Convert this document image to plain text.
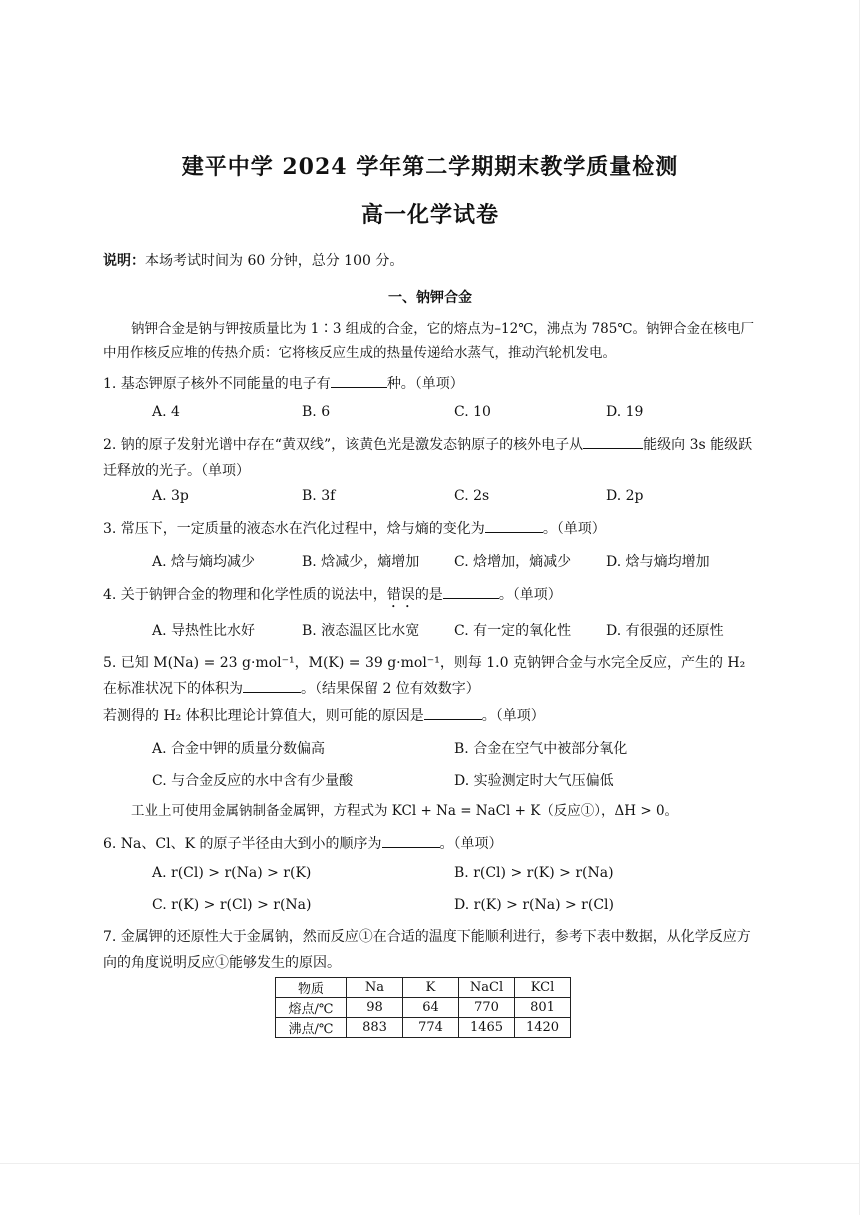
建平中学 2024 学年第二学期期末教学质量检测
高一化学试卷
说明：本场考试时间为 60 分钟，总分 100 分。
一、钠钾合金
钠钾合金是钠与钾按质量比为 1∶3 组成的合金，它的熔点为–12℃，沸点为 785℃。钠钾合金在核电厂中用作核反应堆的传热介质：它将核反应生成的热量传递给水蒸气，推动汽轮机发电。
1. 基态钾原子核外不同能量的电子有	种。（单项）
A. 4	B. 6	C. 10	D. 19
2. 钠的原子发射光谱中存在“黄双线”，该黄色光是激发态钠原子的核外电子从	能级向 3s 能级跃迁释放的光子。（单项）
A. 3p	B. 3f	C. 2s	D. 2p
3. 常压下，一定质量的液态水在汽化过程中，焓与熵的变化为	。（单项）
A. 焓与熵均减少	B. 焓减少，熵增加 C. 焓增加，熵减少 D. 焓与熵均增加
4. 关于钠钾合金的物理和化学性质的说法中，错误的是	。（单项）
A. 导热性比水好	B. 液态温区比水宽 C. 有一定的氧化性 D. 有很强的还原性
5. 已知 M(Na) = 23 g·mol⁻¹，M(K) = 39 g·mol⁻¹，则每 1.0 克钠钾合金与水完全反应，产生的 H₂ 在标准状况下的体积为	。（结果保留 2 位有效数字）
若测得的 H₂ 体积比理论计算值大，则可能的原因是	。（单项）
A. 合金中钾的质量分数偏高	B. 合金在空气中被部分氧化
C. 与合金反应的水中含有少量酸	D. 实验测定时大气压偏低
工业上可使用金属钠制备金属钾，方程式为 KCl + Na = NaCl + K（反应①），ΔH > 0。
6. Na、Cl、K 的原子半径由大到小的顺序为	。（单项）
A. r(Cl) > r(Na) > r(K)	B. r(Cl) > r(K) > r(Na)
C. r(K) > r(Cl) > r(Na)	D. r(K) > r(Na) > r(Cl)
7. 金属钾的还原性大于金属钠，然而反应①在合适的温度下能顺利进行，参考下表中数据，从化学反应方向的角度说明反应①能够发生的原因。
物质	Na	K	NaCl	KCl
熔点/℃	98	64	770	801
沸点/℃	883	774	1465	1420
